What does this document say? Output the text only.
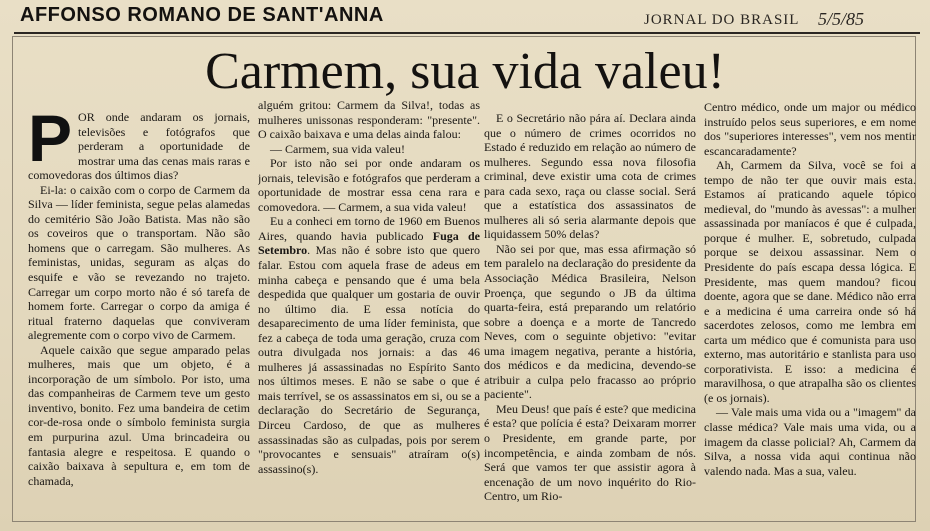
AFFONSO ROMANO DE SANT'ANNA	JORNAL DO BRASIL 5/5/85
Carmem, sua vida valeu!

POR onde andaram os jornais, televisões e fotógrafos que perderam a oportunidade de mostrar uma das cenas mais raras e comovedoras dos últimos dias?

Ei-la: o caixão com o corpo de Carmem da Silva — líder feminista, segue pelas alamedas do cemitério São João Batista. Mas não são os coveiros que o transportam. Não são homens que o carregam. São mulheres. As feministas, unidas, seguram as alças do esquife e vão se revezando no trajeto. Carregar um corpo morto não é só tarefa de homem forte. Carregar o corpo da amiga é ritual fraterno daquelas que conviveram alegremente com o corpo vivo de Carmem.

Aquele caixão que segue amparado pelas mulheres, mais que um objeto, é a incorporação de um símbolo. Por isto, uma das companheiras de Carmem teve um gesto inventivo, bonito. Fez uma bandeira de cetim cor-de-rosa onde o símbolo feminista surgia em purpurina azul. Uma brincadeira ou fantasia alegre e respeitosa. E quando o caixão baixava à sepultura e, em tom de chamada,

alguém gritou: Carmem da Silva!, todas as mulheres unissonas responderam: "presente". O caixão baixava e uma delas ainda falou:

— Carmem, sua vida valeu!

Por isto não sei por onde andaram os jornais, televisão e fotógrafos que perderam a oportunidade de mostrar essa cena rara e comovedora. — Carmem, a sua vida valeu!

Eu a conheci em torno de 1960 em Buenos Aires, quando havia publicado Fuga de Setembro. Mas não é sobre isto que quero falar. Estou com aquela frase de adeus em minha cabeça e pensando que é uma bela despedida que qualquer um gostaria de ouvir no último dia. E essa notícia do desaparecimento de uma líder feminista, que fez a cabeça de toda uma geração, cruza com outra divulgada nos jornais: a das 46 mulheres já assassinadas no Espírito Santo nos últimos meses. E não se sabe o que é mais terrível, se os assassinatos em si, ou se a declaração do Secretário de Segurança, Dirceu Cardoso, de que as mulheres assassinadas são as culpadas, pois por serem "provocantes e sensuais" atraíram o(s) assassino(s).

E o Secretário não pára aí. Declara ainda que o número de crimes ocorridos no Estado é reduzido em relação ao número de mulheres. Segundo essa nova filosofia criminal, deve existir uma cota de crimes para cada sexo, raça ou classe social. Será que a estatística dos assassinatos de mulheres ali só seria alarmante depois que liquidassem 50% delas?

Não sei por que, mas essa afirmação só tem paralelo na declaração do presidente da Associação Médica Brasileira, Nelson Proença, que segundo o JB da última quarta-feira, está preparando um relatório sobre a doença e a morte de Tancredo Neves, com o seguinte objetivo: "evitar uma imagem negativa, perante a história, dos médicos e da medicina, devendo-se atribuir a culpa pelo fracasso ao próprio paciente".

Meu Deus! que país é este? que medicina é esta? que polícia é esta? Deixaram morrer o Presidente, em grande parte, por incompetência, e ainda zombam de nós. Será que vamos ter que assistir agora à encenação de um novo inquérito do Rio-Centro, um Rio-

Centro médico, onde um major ou médico instruído pelos seus superiores, e em nome dos "superiores interesses", vem nos mentir escancaradamente?

Ah, Carmem da Silva, você se foi a tempo de não ter que ouvir mais esta. Estamos aí praticando aquele tópico medieval, do "mundo às avessas": a mulher assassinada por maníacos é que é culpada, porque é mulher. E, sobretudo, culpada porque se deixou assassinar. Nem o Presidente do país escapa dessa lógica. E Presidente, mas quem mandou? ficou doente, agora que se dane. Médico não erra e a medicina é uma carreira onde só há sacerdotes zelosos, como me lembra em carta um médico que é comunista para uso externo, mas autoritário e stanlista para uso corporativista. E isso: a medicina é maravilhosa, o que atrapalha são os clientes (e os jornais).

— Vale mais uma vida ou a "imagem" da classe médica? Vale mais uma vida, ou a imagem da classe policial? Ah, Carmem da Silva, a nossa vida aqui continua não valendo nada. Mas a sua, valeu.
